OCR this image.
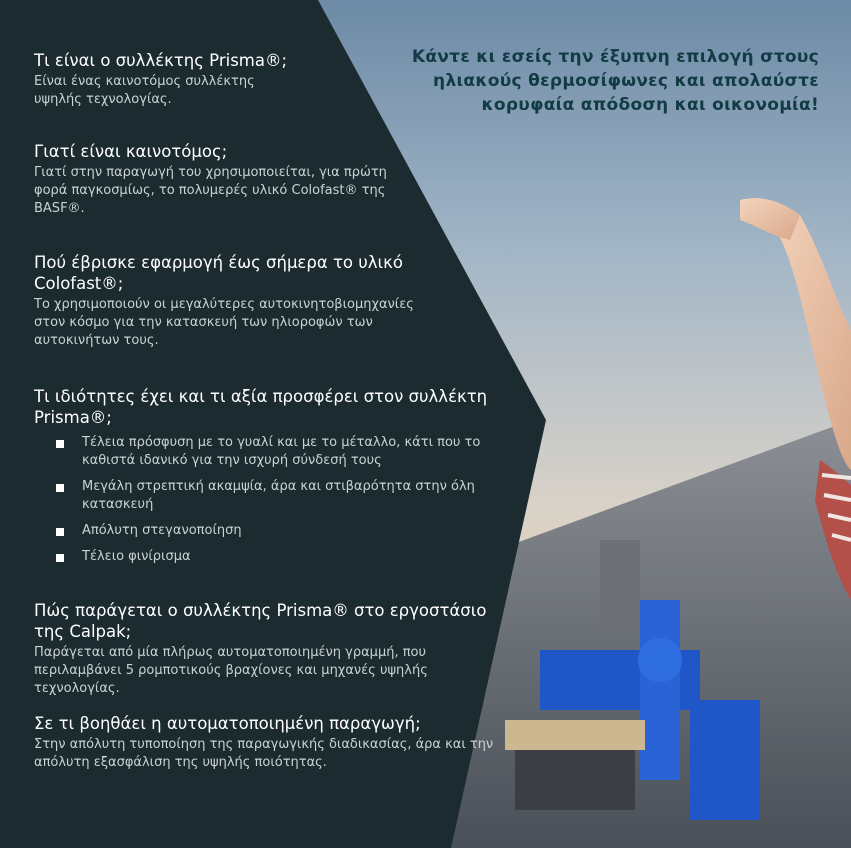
Κάντε κι εσείς την έξυπνη επιλογή στους ηλιακούς θερμοσίφωνες και απολαύστε κορυφαία απόδοση και οικονομία!
Τι είναι ο συλλέκτης Prisma®;
Είναι ένας καινοτόμος συλλέκτης υψηλής τεχνολογίας.
Γιατί είναι καινοτόμος;
Γιατί στην παραγωγή του χρησιμοποιείται, για πρώτη φορά παγκοσμίως, το πολυμερές υλικό Colofast® της BASF®.
Πού έβρισκε εφαρμογή έως σήμερα το υλικό Colofast®;
Το χρησιμοποιούν οι μεγαλύτερες αυτοκινητοβιομηχανίες στον κόσμο για την κατασκευή των ηλιοροφών των αυτοκινήτων τους.
Τι ιδιότητες έχει και τι αξία προσφέρει στον συλλέκτη Prisma®;
Τέλεια πρόσφυση με το γυαλί και με το μέταλλο, κάτι που το καθιστά ιδανικό για την ισχυρή σύνδεσή τους
Μεγάλη στρεπτική ακαμψία, άρα και στιβαρότητα στην όλη κατασκευή
Απόλυτη στεγανοποίηση
Τέλειο φινίρισμα
Πώς παράγεται ο συλλέκτης Prisma® στο εργοστάσιο της Calpak;
Παράγεται από μία πλήρως αυτοματοποιημένη γραμμή, που περιλαμβάνει 5 ρομποτικούς βραχίονες και μηχανές υψηλής τεχνολογίας.
Σε τι βοηθάει η αυτοματοποιημένη παραγωγή;
Στην απόλυτη τυποποίηση της παραγωγικής διαδικασίας, άρα και την απόλυτη εξασφάλιση της υψηλής ποιότητας.
